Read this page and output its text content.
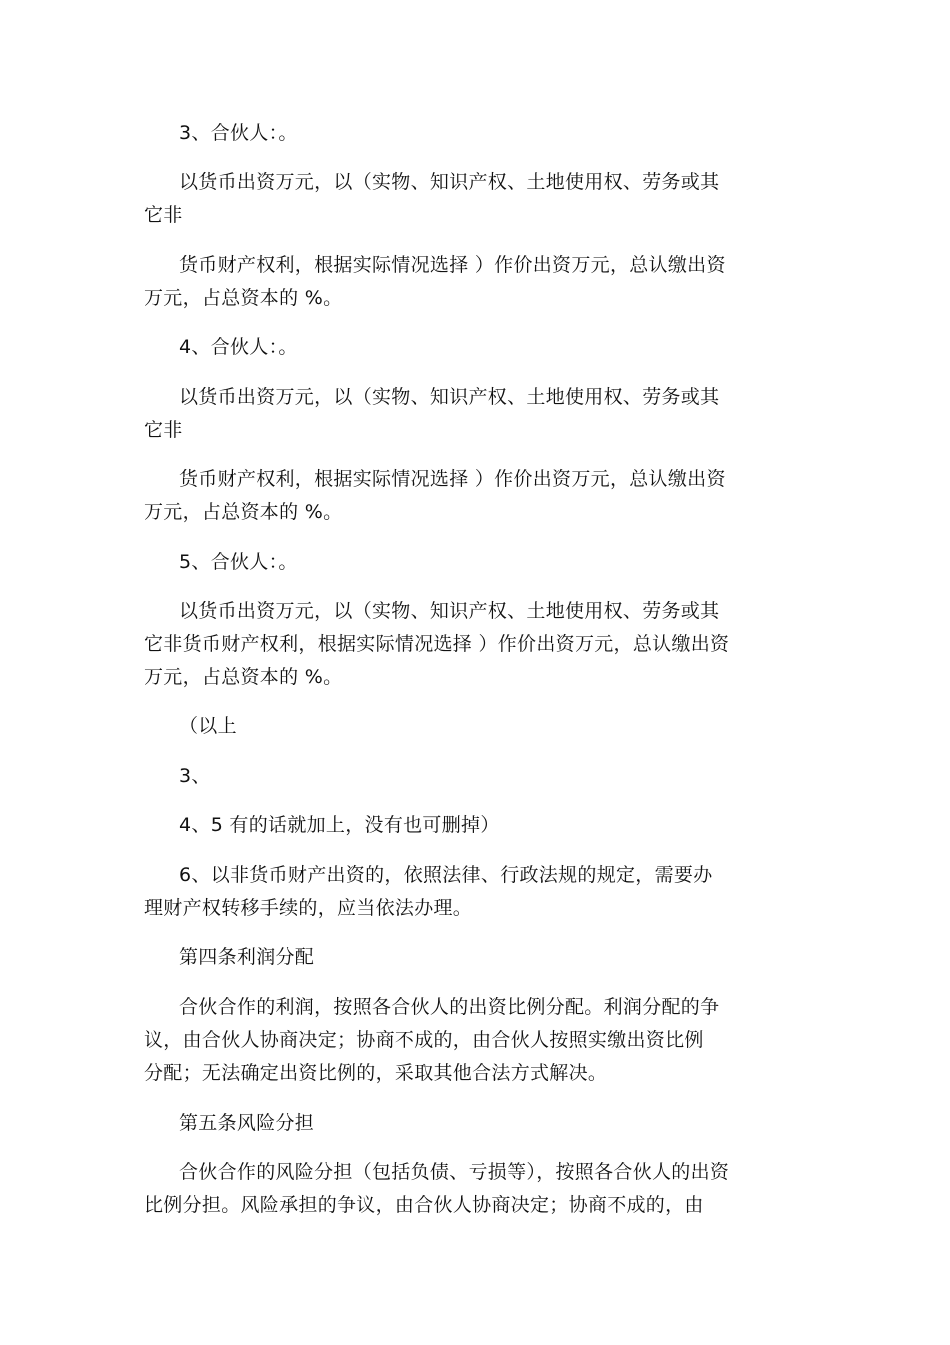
3、合伙人：。
以货币出资万元，以（实物、知识产权、土地使用权、劳务或其
它非
货币财产权利，根据实际情况选择 ）作价出资万元，总认缴出资
万元，占总资本的 %。
4、合伙人：。
以货币出资万元，以（实物、知识产权、土地使用权、劳务或其
它非
货币财产权利，根据实际情况选择 ）作价出资万元，总认缴出资
万元，占总资本的 %。
5、合伙人：。
以货币出资万元，以（实物、知识产权、土地使用权、劳务或其
它非货币财产权利，根据实际情况选择 ）作价出资万元，总认缴出资
万元，占总资本的 %。
（以上
3、
4、5 有的话就加上，没有也可删掉）
6、以非货币财产出资的，依照法律、行政法规的规定，需要办
理财产权转移手续的，应当依法办理。
第四条利润分配
合伙合作的利润，按照各合伙人的出资比例分配。利润分配的争
议，由合伙人协商决定；协商不成的，由合伙人按照实缴出资比例
分配；无法确定出资比例的，采取其他合法方式解决。
第五条风险分担
合伙合作的风险分担（包括负债、亏损等），按照各合伙人的出资
比例分担。风险承担的争议，由合伙人协商决定；协商不成的，由
